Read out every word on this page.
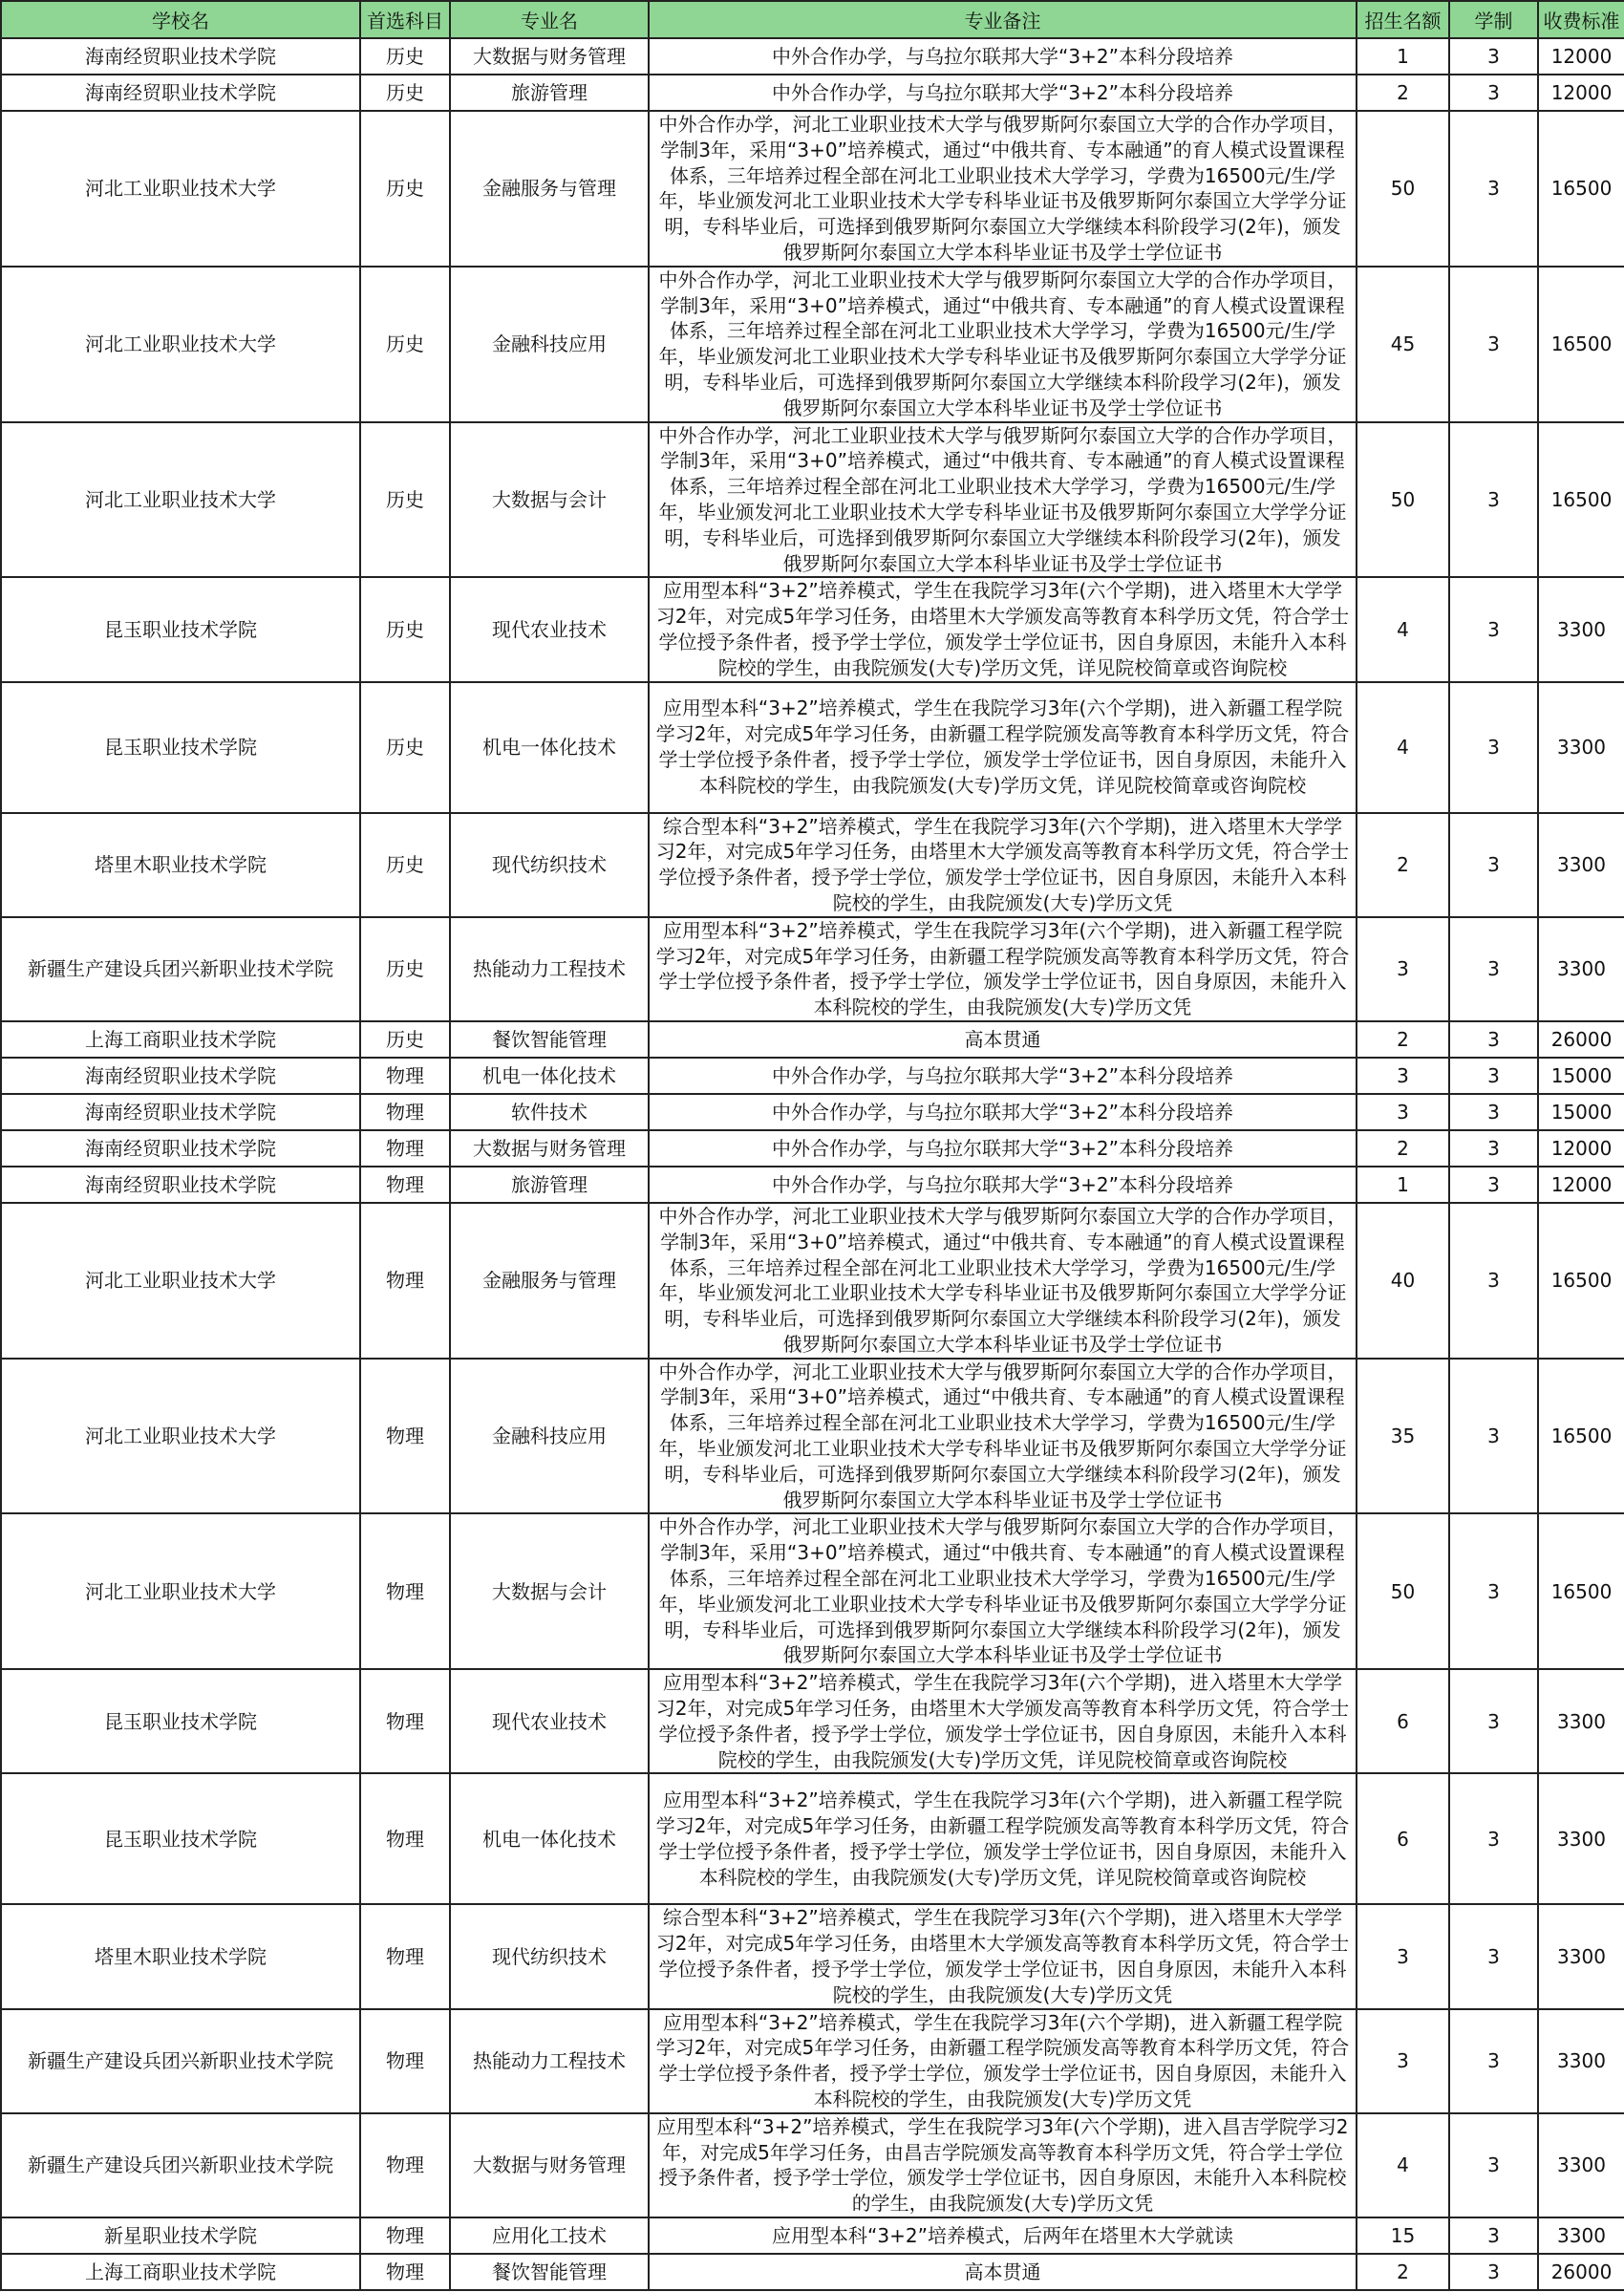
学校名	首选科目	专业名	专业备注	招生名额	学制	收费标准
海南经贸职业技术学院	历史	大数据与财务管理	中外合作办学，与乌拉尔联邦大学“3+2”本科分段培养	1	3	12000
海南经贸职业技术学院	历史	旅游管理	中外合作办学，与乌拉尔联邦大学“3+2”本科分段培养	2	3	12000
河北工业职业技术大学	历史	金融服务与管理	中外合作办学，河北工业职业技术大学与俄罗斯阿尔泰国立大学的合作办学项目，学制3年，采用“3+0”培养模式，通过“中俄共育、专本融通”的育人模式设置课程体系，三年培养过程全部在河北工业职业技术大学学习，学费为16500元/生/学年，毕业颁发河北工业职业技术大学专科毕业证书及俄罗斯阿尔泰国立大学学分证明，专科毕业后，可选择到俄罗斯阿尔泰国立大学继续本科阶段学习(2年)，颁发俄罗斯阿尔泰国立大学本科毕业证书及学士学位证书	50	3	16500
河北工业职业技术大学	历史	金融科技应用	中外合作办学，河北工业职业技术大学与俄罗斯阿尔泰国立大学的合作办学项目，学制3年，采用“3+0”培养模式，通过“中俄共育、专本融通”的育人模式设置课程体系，三年培养过程全部在河北工业职业技术大学学习，学费为16500元/生/学年，毕业颁发河北工业职业技术大学专科毕业证书及俄罗斯阿尔泰国立大学学分证明，专科毕业后，可选择到俄罗斯阿尔泰国立大学继续本科阶段学习(2年)，颁发俄罗斯阿尔泰国立大学本科毕业证书及学士学位证书	45	3	16500
河北工业职业技术大学	历史	大数据与会计	中外合作办学，河北工业职业技术大学与俄罗斯阿尔泰国立大学的合作办学项目，学制3年，采用“3+0”培养模式，通过“中俄共育、专本融通”的育人模式设置课程体系，三年培养过程全部在河北工业职业技术大学学习，学费为16500元/生/学年，毕业颁发河北工业职业技术大学专科毕业证书及俄罗斯阿尔泰国立大学学分证明，专科毕业后，可选择到俄罗斯阿尔泰国立大学继续本科阶段学习(2年)，颁发俄罗斯阿尔泰国立大学本科毕业证书及学士学位证书	50	3	16500
昆玉职业技术学院	历史	现代农业技术	应用型本科“3+2”培养模式，学生在我院学习3年(六个学期)，进入塔里木大学学习2年，对完成5年学习任务，由塔里木大学颁发高等教育本科学历文凭，符合学士学位授予条件者，授予学士学位，颁发学士学位证书，因自身原因，未能升入本科院校的学生，由我院颁发(大专)学历文凭，详见院校简章或咨询院校	4	3	3300
昆玉职业技术学院	历史	机电一体化技术	应用型本科“3+2”培养模式，学生在我院学习3年(六个学期)，进入新疆工程学院学习2年，对完成5年学习任务，由新疆工程学院颁发高等教育本科学历文凭，符合学士学位授予条件者，授予学士学位，颁发学士学位证书，因自身原因，未能升入本科院校的学生，由我院颁发(大专)学历文凭，详见院校简章或咨询院校	4	3	3300
塔里木职业技术学院	历史	现代纺织技术	综合型本科“3+2”培养模式，学生在我院学习3年(六个学期)，进入塔里木大学学习2年，对完成5年学习任务，由塔里木大学颁发高等教育本科学历文凭，符合学士学位授予条件者，授予学士学位，颁发学士学位证书，因自身原因，未能升入本科院校的学生，由我院颁发(大专)学历文凭	2	3	3300
新疆生产建设兵团兴新职业技术学院	历史	热能动力工程技术	应用型本科“3+2”培养模式，学生在我院学习3年(六个学期)，进入新疆工程学院学习2年，对完成5年学习任务，由新疆工程学院颁发高等教育本科学历文凭，符合学士学位授予条件者，授予学士学位，颁发学士学位证书，因自身原因，未能升入本科院校的学生，由我院颁发(大专)学历文凭	3	3	3300
上海工商职业技术学院	历史	餐饮智能管理	高本贯通	2	3	26000
海南经贸职业技术学院	物理	机电一体化技术	中外合作办学，与乌拉尔联邦大学“3+2”本科分段培养	3	3	15000
海南经贸职业技术学院	物理	软件技术	中外合作办学，与乌拉尔联邦大学“3+2”本科分段培养	3	3	15000
海南经贸职业技术学院	物理	大数据与财务管理	中外合作办学，与乌拉尔联邦大学“3+2”本科分段培养	2	3	12000
海南经贸职业技术学院	物理	旅游管理	中外合作办学，与乌拉尔联邦大学“3+2”本科分段培养	1	3	12000
河北工业职业技术大学	物理	金融服务与管理	中外合作办学，河北工业职业技术大学与俄罗斯阿尔泰国立大学的合作办学项目，学制3年，采用“3+0”培养模式，通过“中俄共育、专本融通”的育人模式设置课程体系，三年培养过程全部在河北工业职业技术大学学习，学费为16500元/生/学年，毕业颁发河北工业职业技术大学专科毕业证书及俄罗斯阿尔泰国立大学学分证明，专科毕业后，可选择到俄罗斯阿尔泰国立大学继续本科阶段学习(2年)，颁发俄罗斯阿尔泰国立大学本科毕业证书及学士学位证书	40	3	16500
河北工业职业技术大学	物理	金融科技应用	中外合作办学，河北工业职业技术大学与俄罗斯阿尔泰国立大学的合作办学项目，学制3年，采用“3+0”培养模式，通过“中俄共育、专本融通”的育人模式设置课程体系，三年培养过程全部在河北工业职业技术大学学习，学费为16500元/生/学年，毕业颁发河北工业职业技术大学专科毕业证书及俄罗斯阿尔泰国立大学学分证明，专科毕业后，可选择到俄罗斯阿尔泰国立大学继续本科阶段学习(2年)，颁发俄罗斯阿尔泰国立大学本科毕业证书及学士学位证书	35	3	16500
河北工业职业技术大学	物理	大数据与会计	中外合作办学，河北工业职业技术大学与俄罗斯阿尔泰国立大学的合作办学项目，学制3年，采用“3+0”培养模式，通过“中俄共育、专本融通”的育人模式设置课程体系，三年培养过程全部在河北工业职业技术大学学习，学费为16500元/生/学年，毕业颁发河北工业职业技术大学专科毕业证书及俄罗斯阿尔泰国立大学学分证明，专科毕业后，可选择到俄罗斯阿尔泰国立大学继续本科阶段学习(2年)，颁发俄罗斯阿尔泰国立大学本科毕业证书及学士学位证书	50	3	16500
昆玉职业技术学院	物理	现代农业技术	应用型本科“3+2”培养模式，学生在我院学习3年(六个学期)，进入塔里木大学学习2年，对完成5年学习任务，由塔里木大学颁发高等教育本科学历文凭，符合学士学位授予条件者，授予学士学位，颁发学士学位证书，因自身原因，未能升入本科院校的学生，由我院颁发(大专)学历文凭，详见院校简章或咨询院校	6	3	3300
昆玉职业技术学院	物理	机电一体化技术	应用型本科“3+2”培养模式，学生在我院学习3年(六个学期)，进入新疆工程学院学习2年，对完成5年学习任务，由新疆工程学院颁发高等教育本科学历文凭，符合学士学位授予条件者，授予学士学位，颁发学士学位证书，因自身原因，未能升入本科院校的学生，由我院颁发(大专)学历文凭，详见院校简章或咨询院校	6	3	3300
塔里木职业技术学院	物理	现代纺织技术	综合型本科“3+2”培养模式，学生在我院学习3年(六个学期)，进入塔里木大学学习2年，对完成5年学习任务，由塔里木大学颁发高等教育本科学历文凭，符合学士学位授予条件者，授予学士学位，颁发学士学位证书，因自身原因，未能升入本科院校的学生，由我院颁发(大专)学历文凭	3	3	3300
新疆生产建设兵团兴新职业技术学院	物理	热能动力工程技术	应用型本科“3+2”培养模式，学生在我院学习3年(六个学期)，进入新疆工程学院学习2年，对完成5年学习任务，由新疆工程学院颁发高等教育本科学历文凭，符合学士学位授予条件者，授予学士学位，颁发学士学位证书，因自身原因，未能升入本科院校的学生，由我院颁发(大专)学历文凭	3	3	3300
新疆生产建设兵团兴新职业技术学院	物理	大数据与财务管理	应用型本科“3+2”培养模式，学生在我院学习3年(六个学期)，进入昌吉学院学习2年，对完成5年学习任务，由昌吉学院颁发高等教育本科学历文凭，符合学士学位授予条件者，授予学士学位，颁发学士学位证书，因自身原因，未能升入本科院校的学生，由我院颁发(大专)学历文凭	4	3	3300
新星职业技术学院	物理	应用化工技术	应用型本科“3+2”培养模式，后两年在塔里木大学就读	15	3	3300
上海工商职业技术学院	物理	餐饮智能管理	高本贯通	2	3	26000
